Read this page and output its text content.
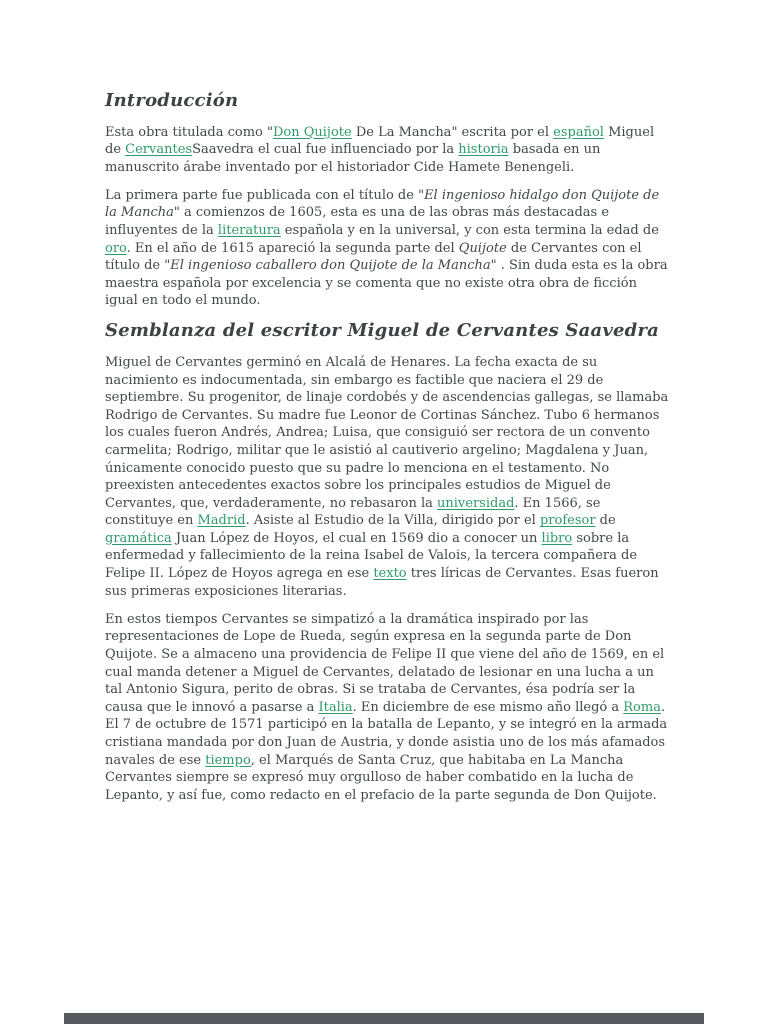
Introducción

Esta obra titulada como "Don Quijote De La Mancha" escrita por el español Miguel de CervantesSaavedra el cual fue influenciado por la historia basada en un manuscrito árabe inventado por el historiador Cide Hamete Benengeli.

La primera parte fue publicada con el título de "El ingenioso hidalgo don Quijote de la Mancha" a comienzos de 1605, esta es una de las obras más destacadas e influyentes de la literatura española y en la universal, y con esta termina la edad de oro. En el año de 1615 apareció la segunda parte del Quijote de Cervantes con el título de "El ingenioso caballero don Quijote de la Mancha" . Sin duda esta es la obra maestra española por excelencia y se comenta que no existe otra obra de ficción igual en todo el mundo.

Semblanza del escritor Miguel de Cervantes Saavedra

Miguel de Cervantes germinó en Alcalá de Henares. La fecha exacta de su nacimiento es indocumentada, sin embargo es factible que naciera el 29 de septiembre. Su progenitor, de linaje cordobés y de ascendencias gallegas, se llamaba Rodrigo de Cervantes. Su madre fue Leonor de Cortinas Sánchez. Tubo 6 hermanos los cuales fueron Andrés, Andrea; Luisa, que consiguió ser rectora de un convento carmelita; Rodrigo, militar que le asistió al cautiverio argelino; Magdalena y Juan, únicamente conocido puesto que su padre lo menciona en el testamento. No preexisten antecedentes exactos sobre los principales estudios de Miguel de Cervantes, que, verdaderamente, no rebasaron la universidad. En 1566, se constituye en Madrid. Asiste al Estudio de la Villa, dirigido por el profesor de gramática Juan López de Hoyos, el cual en 1569 dio a conocer un libro sobre la enfermedad y fallecimiento de la reina Isabel de Valois, la tercera compañera de Felipe II. López de Hoyos agrega en ese texto tres líricas de Cervantes. Esas fueron sus primeras exposiciones literarias.

En estos tiempos Cervantes se simpatizó a la dramática inspirado por las representaciones de Lope de Rueda, según expresa en la segunda parte de Don Quijote. Se a almaceno una providencia de Felipe II que viene del año de 1569, en el cual manda detener a Miguel de Cervantes, delatado de lesionar en una lucha a un tal Antonio Sigura, perito de obras. Si se trataba de Cervantes, ésa podría ser la causa que le innovó a pasarse a Italia. En diciembre de ese mismo año llegó a Roma. El 7 de octubre de 1571 participó en la batalla de Lepanto, y se integró en la armada cristiana mandada por don Juan de Austria, y donde asistia uno de los más afamados navales de ese tiempo, el Marqués de Santa Cruz, que habitaba en La Mancha Cervantes siempre se expresó muy orgulloso de haber combatido en la lucha de Lepanto, y así fue, como redacto en el prefacio de la parte segunda de Don Quijote.
